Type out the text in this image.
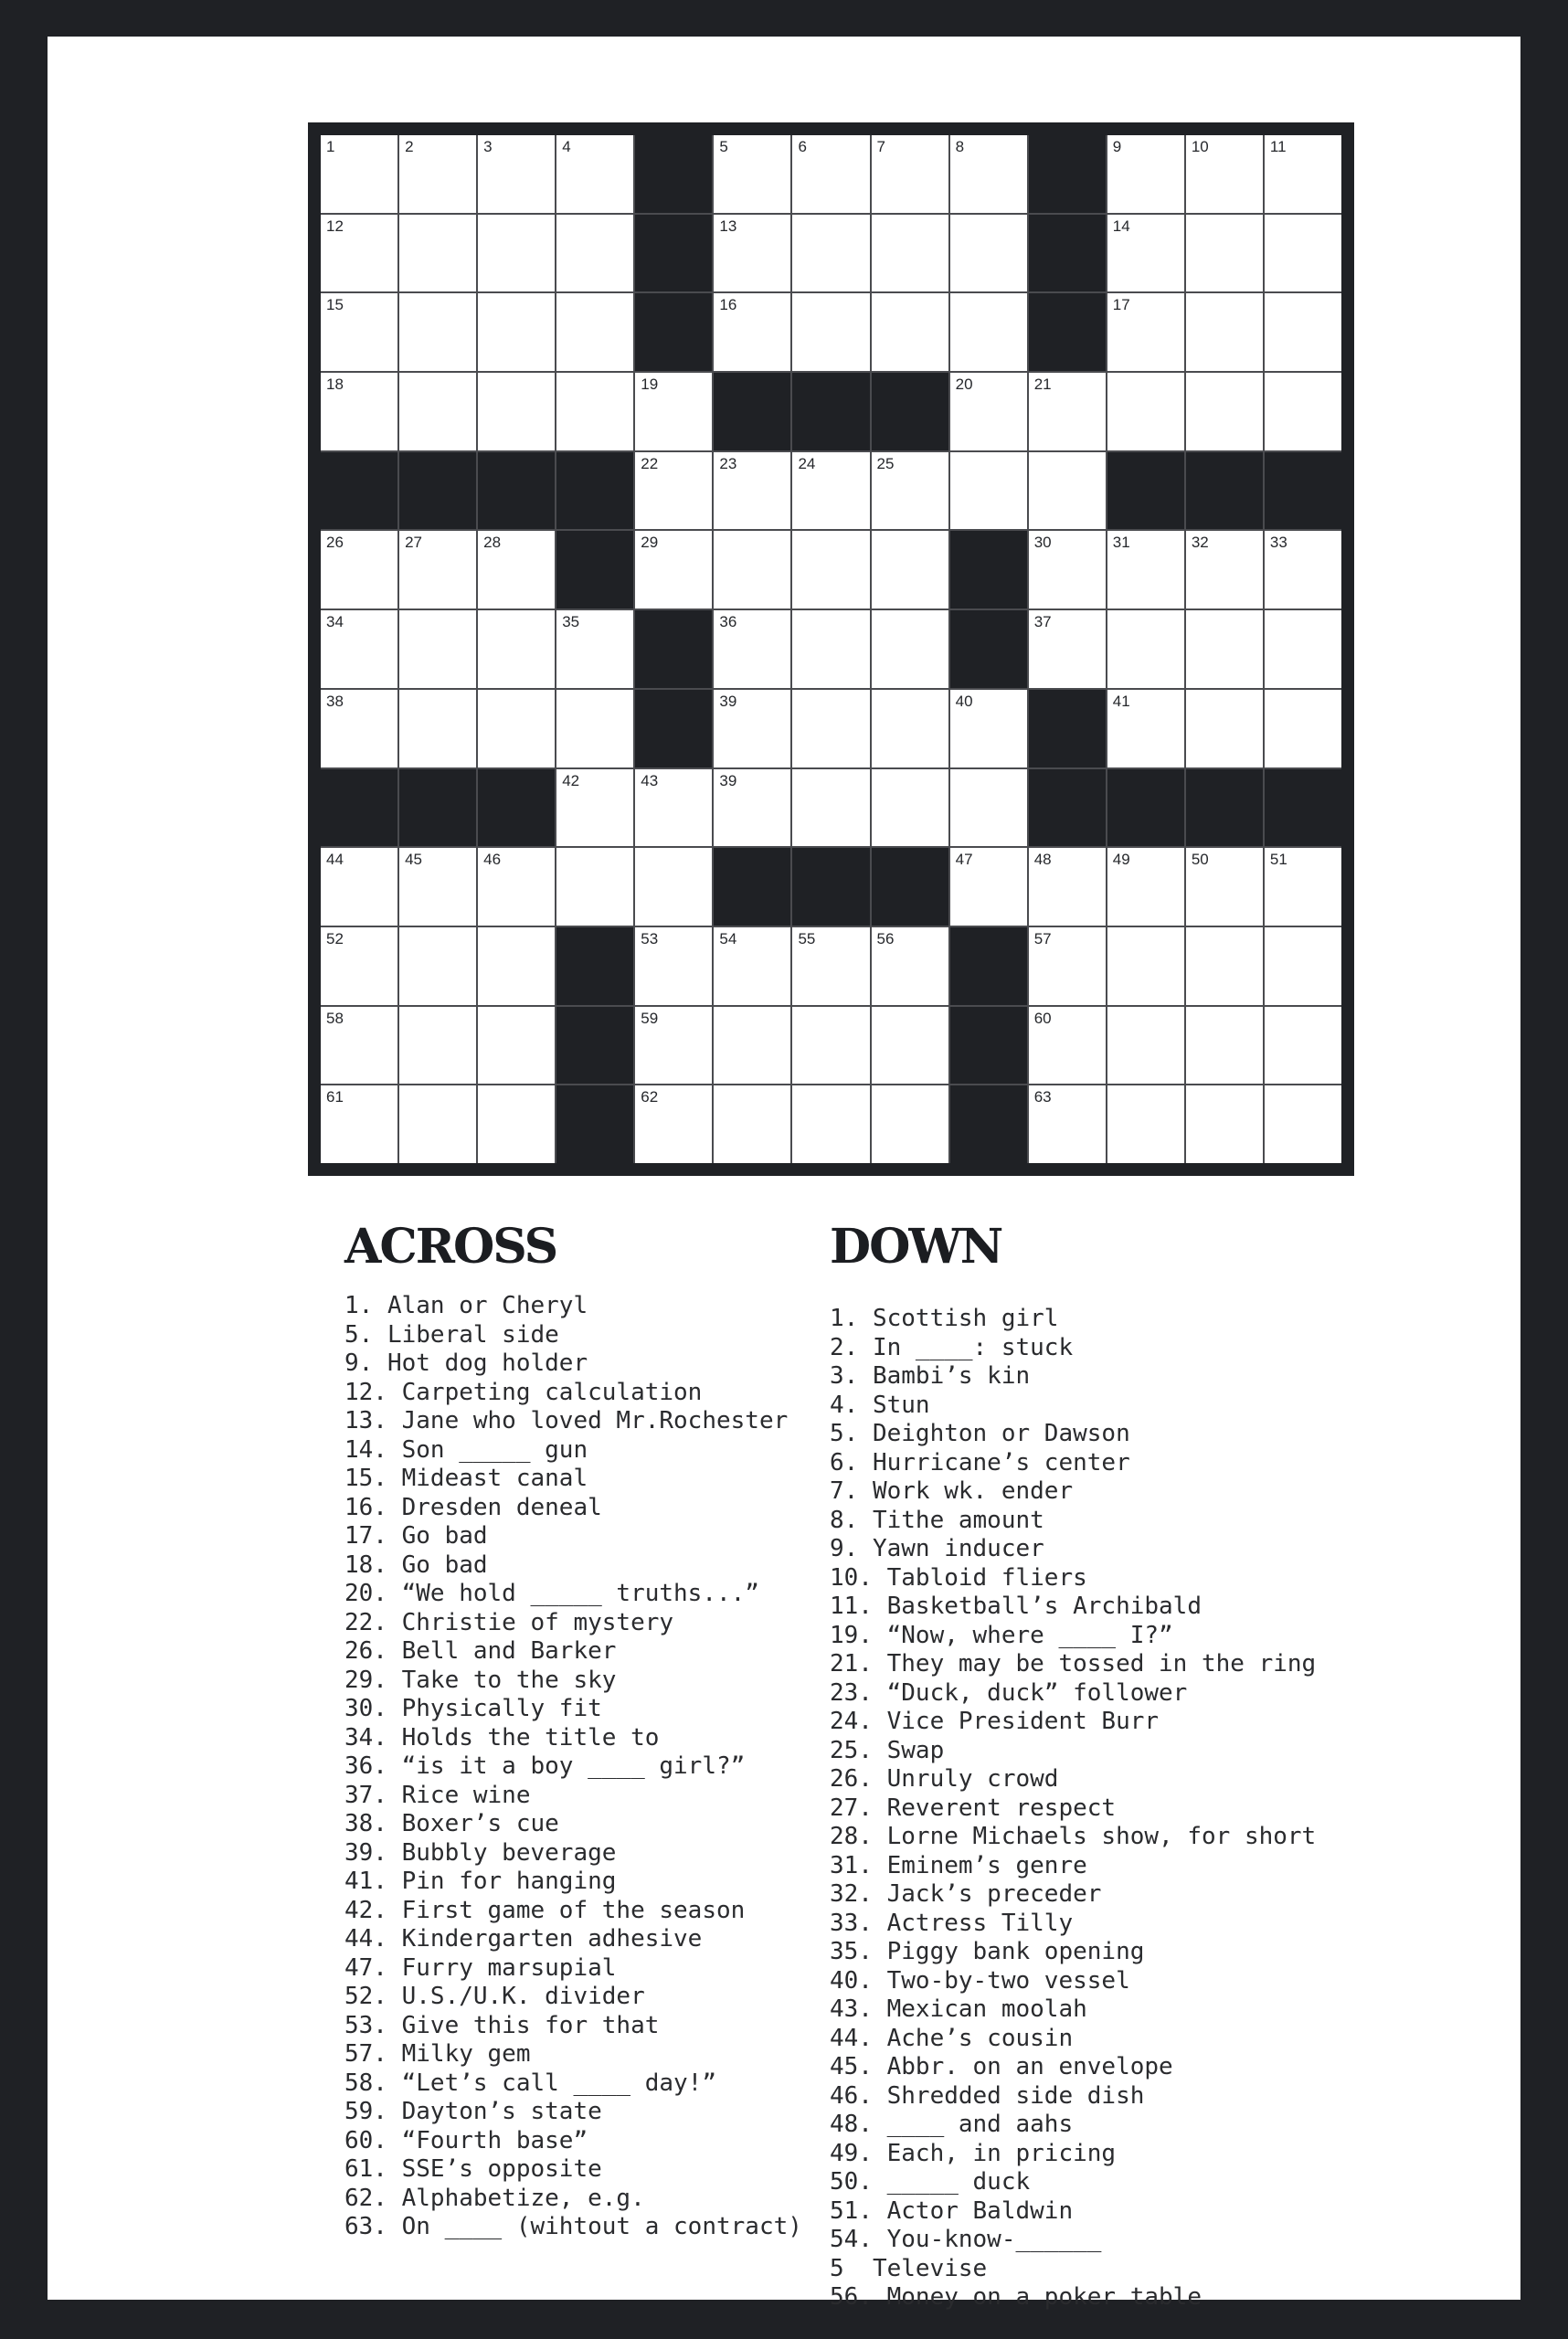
1	2	3	4	5	6	7	8	9	10	11
12	13	14
15	16	17
18	19	20	21
22	23	24	25
26	27	28	29	30	31	32	33
34	35	36	37
38	39	40	41
42	43	39
44	45	46	47	48	49	50	51
52	53	54	55	56	57
58	59	60
61	62	63
ACROSS
1. Alan or Cheryl
5. Liberal side
9. Hot dog holder
12. Carpeting calculation
13. Jane who loved Mr.Rochester
14. Son _____ gun
15. Mideast canal
16. Dresden deneal
17. Go bad
18. Go bad
20. “We hold _____ truths...”
22. Christie of mystery
26. Bell and Barker
29. Take to the sky
30. Physically fit
34. Holds the title to
36. “is it a boy ____ girl?”
37. Rice wine
38. Boxer’s cue
39. Bubbly beverage
41. Pin for hanging
42. First game of the season
44. Kindergarten adhesive
47. Furry marsupial
52. U.S./U.K. divider
53. Give this for that
57. Milky gem
58. “Let’s call ____ day!”
59. Dayton’s state
60. “Fourth base”
61. SSE’s opposite
62. Alphabetize, e.g.
63. On ____ (wihtout a contract)
DOWN
1. Scottish girl
2. In ____: stuck
3. Bambi’s kin
4. Stun
5. Deighton or Dawson
6. Hurricane’s center
7. Work wk. ender
8. Tithe amount
9. Yawn inducer
10. Tabloid fliers
11. Basketball’s Archibald
19. “Now, where ____ I?”
21. They may be tossed in the ring
23. “Duck, duck” follower
24. Vice President Burr
25. Swap
26. Unruly crowd
27. Reverent respect
28. Lorne Michaels show, for short
31. Eminem’s genre
32. Jack’s preceder
33. Actress Tilly
35. Piggy bank opening
40. Two-by-two vessel
43. Mexican moolah
44. Ache’s cousin
45. Abbr. on an envelope
46. Shredded side dish
48. ____ and aahs
49. Each, in pricing
50. _____ duck
51. Actor Baldwin
54. You-know-______
5  Televise
56. Money on a poker table
